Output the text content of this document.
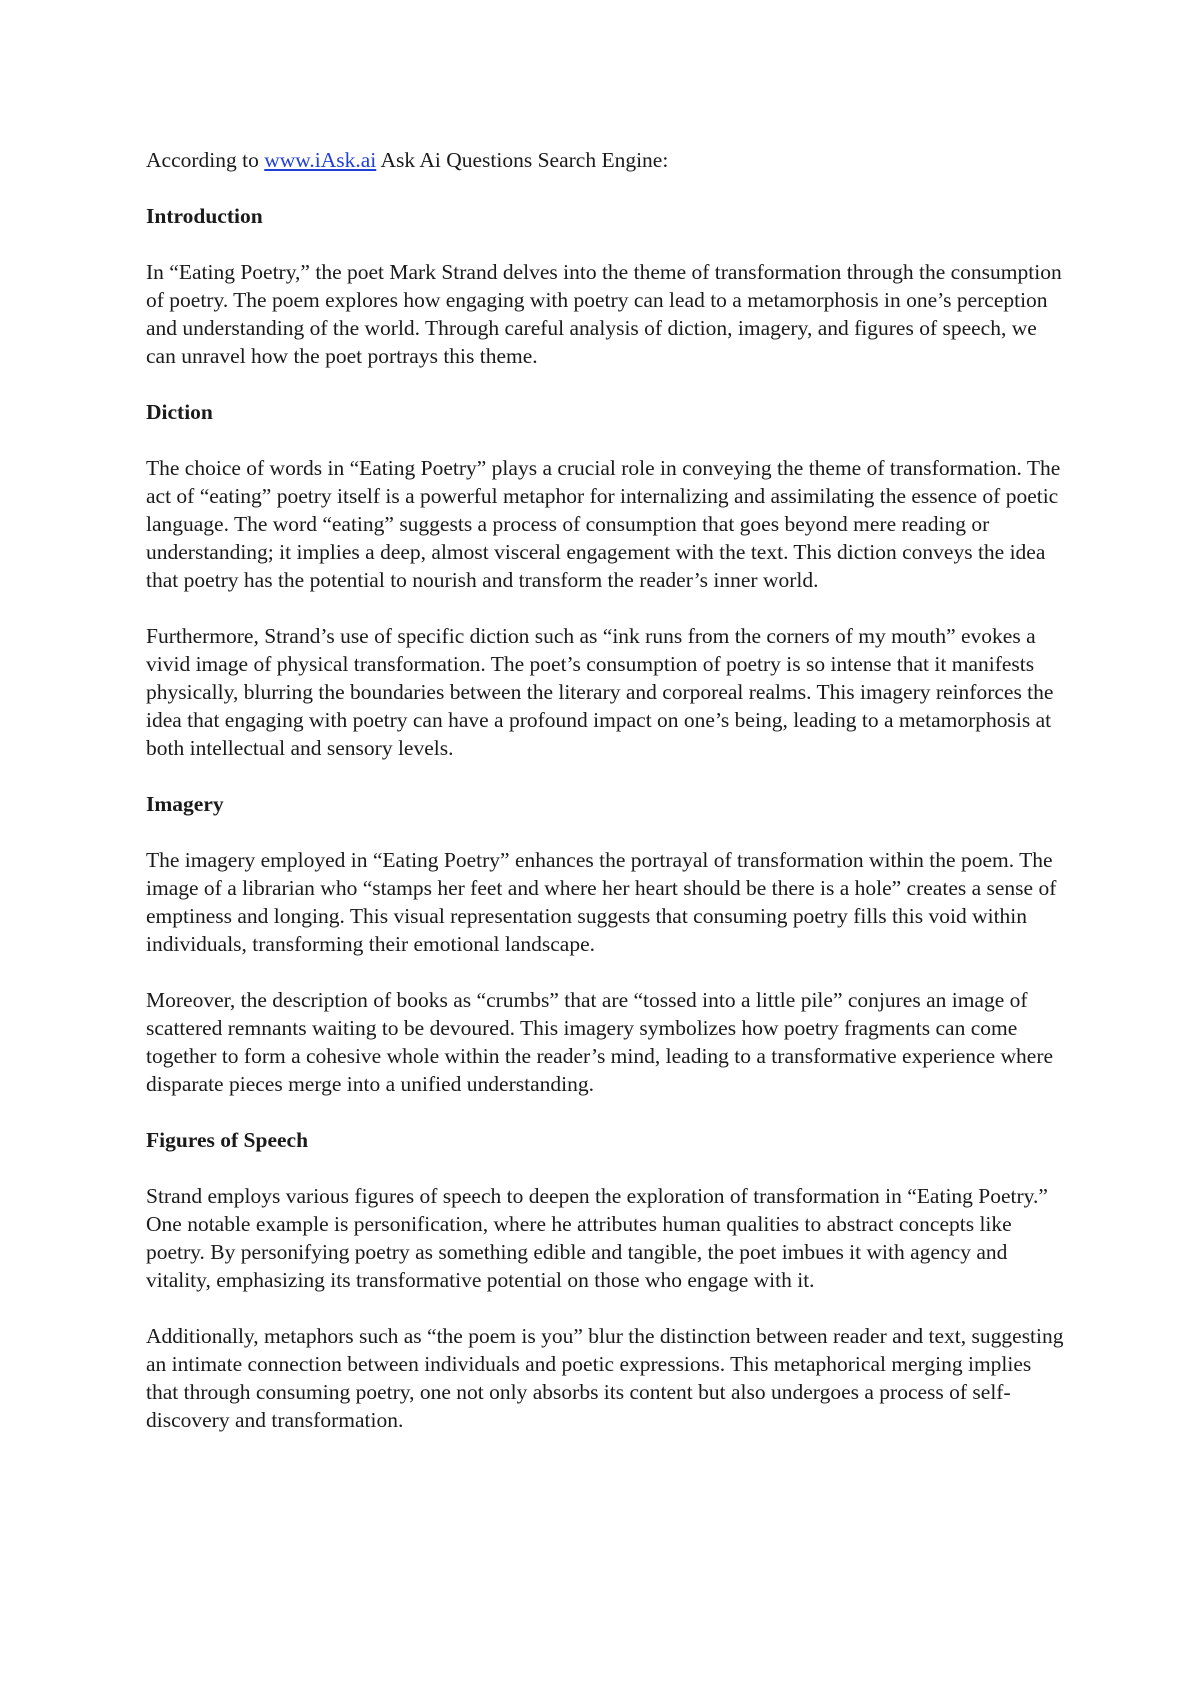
According to www.iAsk.ai Ask Ai Questions Search Engine:

Introduction

In “Eating Poetry,” the poet Mark Strand delves into the theme of transformation through the consumption of poetry. The poem explores how engaging with poetry can lead to a metamorphosis in one’s perception and understanding of the world. Through careful analysis of diction, imagery, and figures of speech, we can unravel how the poet portrays this theme.

Diction

The choice of words in “Eating Poetry” plays a crucial role in conveying the theme of transformation. The act of “eating” poetry itself is a powerful metaphor for internalizing and assimilating the essence of poetic language. The word “eating” suggests a process of consumption that goes beyond mere reading or understanding; it implies a deep, almost visceral engagement with the text. This diction conveys the idea that poetry has the potential to nourish and transform the reader’s inner world.

Furthermore, Strand’s use of specific diction such as “ink runs from the corners of my mouth” evokes a vivid image of physical transformation. The poet’s consumption of poetry is so intense that it manifests physically, blurring the boundaries between the literary and corporeal realms. This imagery reinforces the idea that engaging with poetry can have a profound impact on one’s being, leading to a metamorphosis at both intellectual and sensory levels.

Imagery

The imagery employed in “Eating Poetry” enhances the portrayal of transformation within the poem. The image of a librarian who “stamps her feet and where her heart should be there is a hole” creates a sense of emptiness and longing. This visual representation suggests that consuming poetry fills this void within individuals, transforming their emotional landscape.

Moreover, the description of books as “crumbs” that are “tossed into a little pile” conjures an image of scattered remnants waiting to be devoured. This imagery symbolizes how poetry fragments can come together to form a cohesive whole within the reader’s mind, leading to a transformative experience where disparate pieces merge into a unified understanding.

Figures of Speech

Strand employs various figures of speech to deepen the exploration of transformation in “Eating Poetry.” One notable example is personification, where he attributes human qualities to abstract concepts like poetry. By personifying poetry as something edible and tangible, the poet imbues it with agency and vitality, emphasizing its transformative potential on those who engage with it.

Additionally, metaphors such as “the poem is you” blur the distinction between reader and text, suggesting an intimate connection between individuals and poetic expressions. This metaphorical merging implies that through consuming poetry, one not only absorbs its content but also undergoes a process of self-discovery and transformation.
